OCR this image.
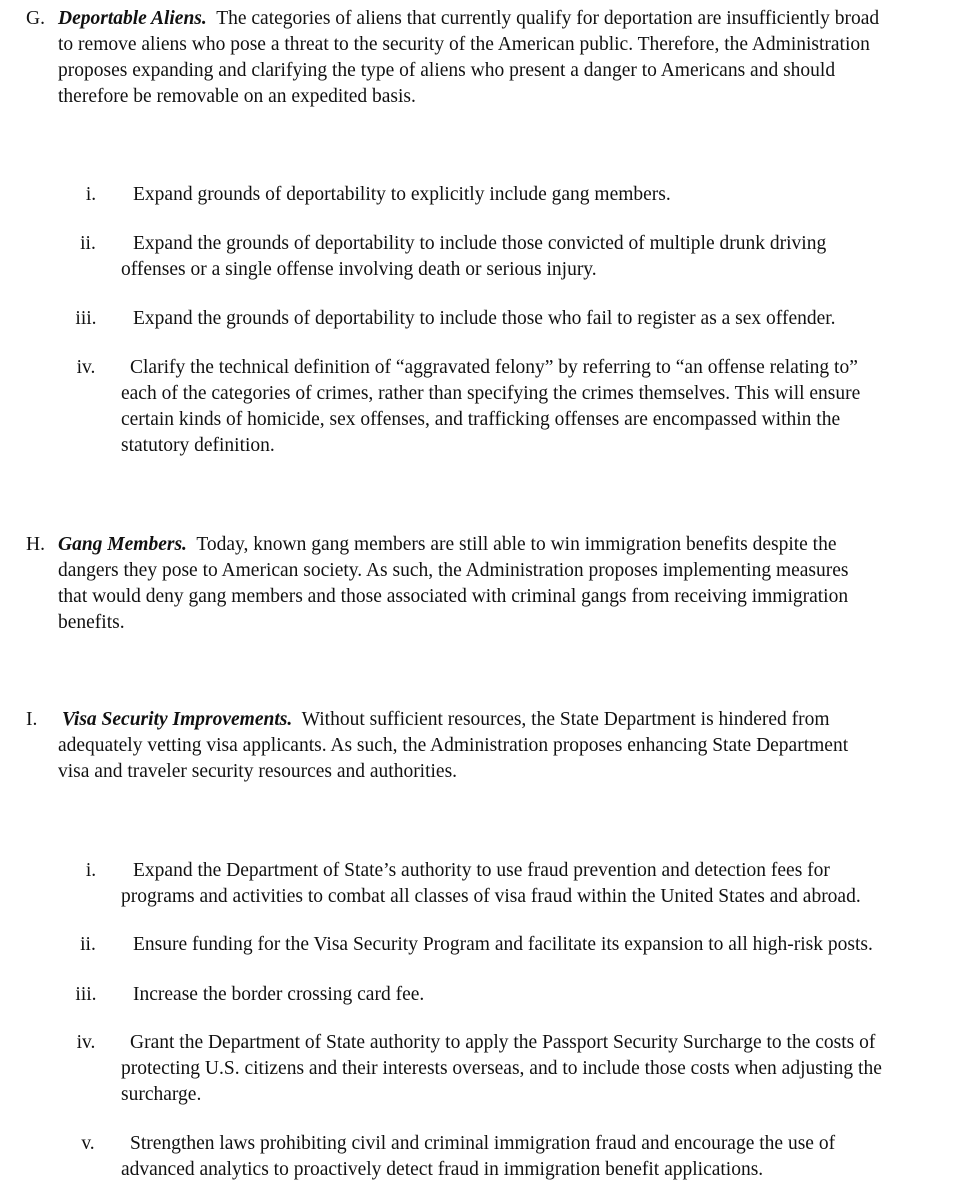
G. Deportable Aliens. The categories of aliens that currently qualify for deportation are insufficiently broad
to remove aliens who pose a threat to the security of the American public. Therefore, the Administration
proposes expanding and clarifying the type of aliens who present a danger to Americans and should
therefore be removable on an expedited basis.
i.	Expand grounds of deportability to explicitly include gang members.
ii.	Expand the grounds of deportability to include those convicted of multiple drunk driving
offenses or a single offense involving death or serious injury.
iii.	Expand the grounds of deportability to include those who fail to register as a sex offender.
iv.	Clarify the technical definition of “aggravated felony” by referring to “an offense relating to”
each of the categories of crimes, rather than specifying the crimes themselves. This will ensure
certain kinds of homicide, sex offenses, and trafficking offenses are encompassed within the
statutory definition.
H. Gang Members. Today, known gang members are still able to win immigration benefits despite the
dangers they pose to American society. As such, the Administration proposes implementing measures
that would deny gang members and those associated with criminal gangs from receiving immigration
benefits.
I. Visa Security Improvements. Without sufficient resources, the State Department is hindered from
adequately vetting visa applicants. As such, the Administration proposes enhancing State Department
visa and traveler security resources and authorities.
i.	Expand the Department of State’s authority to use fraud prevention and detection fees for
programs and activities to combat all classes of visa fraud within the United States and abroad.
ii.	Ensure funding for the Visa Security Program and facilitate its expansion to all high-risk posts.
iii.	Increase the border crossing card fee.
iv.	Grant the Department of State authority to apply the Passport Security Surcharge to the costs of
protecting U.S. citizens and their interests overseas, and to include those costs when adjusting the
surcharge.
v.	Strengthen laws prohibiting civil and criminal immigration fraud and encourage the use of
advanced analytics to proactively detect fraud in immigration benefit applications.
